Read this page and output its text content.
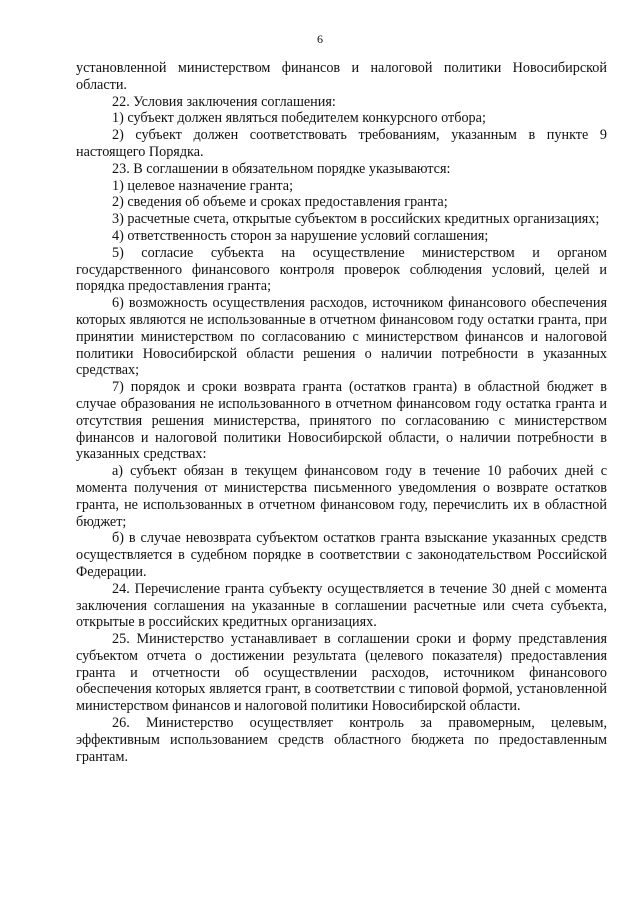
6

установленной министерством финансов и налоговой политики Новосибирской области.

22. Условия заключения соглашения:

1) субъект должен являться победителем конкурсного отбора;

2) субъект должен соответствовать требованиям, указанным в пункте 9 настоящего Порядка.

23. В соглашении в обязательном порядке указываются:

1) целевое назначение гранта;

2) сведения об объеме и сроках предоставления гранта;

3) расчетные счета, открытые субъектом в российских кредитных организациях;

4) ответственность сторон за нарушение условий соглашения;

5) согласие субъекта на осуществление министерством и органом государственного финансового контроля проверок соблюдения условий, целей и порядка предоставления гранта;

6) возможность осуществления расходов, источником финансового обеспечения которых являются не использованные в отчетном финансовом году остатки гранта, при принятии министерством по согласованию с министерством финансов и налоговой политики Новосибирской области решения о наличии потребности в указанных средствах;

7) порядок и сроки возврата гранта (остатков гранта) в областной бюджет в случае образования не использованного в отчетном финансовом году остатка гранта и отсутствия решения министерства, принятого по согласованию с министерством финансов и налоговой политики Новосибирской области, о наличии потребности в указанных средствах:

а) субъект обязан в текущем финансовом году в течение 10 рабочих дней с момента получения от министерства письменного уведомления о возврате остатков гранта, не использованных в отчетном финансовом году, перечислить их в областной бюджет;

б) в случае невозврата субъектом остатков гранта взыскание указанных средств осуществляется в судебном порядке в соответствии с законодательством Российской Федерации.

24. Перечисление гранта субъекту осуществляется в течение 30 дней с момента заключения соглашения на указанные в соглашении расчетные или счета субъекта, открытые в российских кредитных организациях.

25. Министерство устанавливает в соглашении сроки и форму представления субъектом отчета о достижении результата (целевого показателя) предоставления гранта и отчетности об осуществлении расходов, источником финансового обеспечения которых является грант, в соответствии с типовой формой, установленной министерством финансов и налоговой политики Новосибирской области.

26. Министерство осуществляет контроль за правомерным, целевым, эффективным использованием средств областного бюджета по предоставленным грантам.
